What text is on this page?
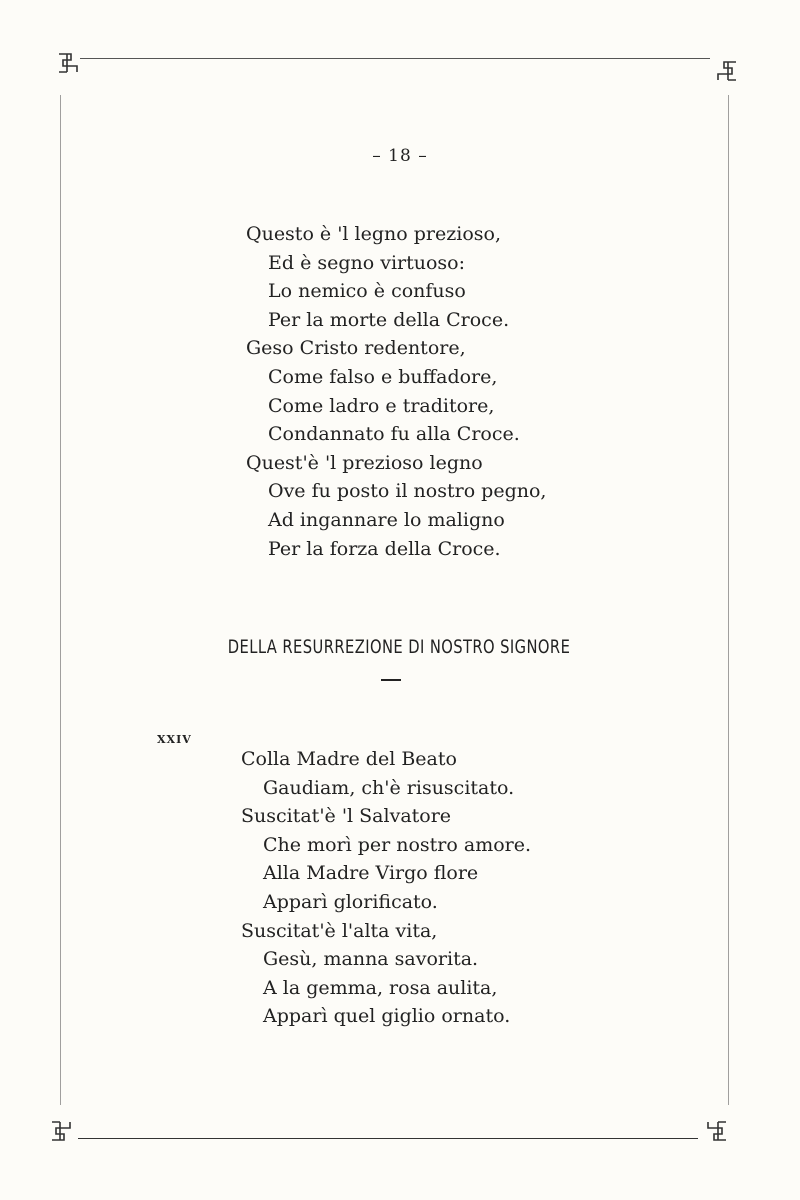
– 18 –
Questo è 'l legno prezioso,
Ed è segno virtuoso:
Lo nemico è confuso
Per la morte della Croce.
Geso Cristo redentore,
Come falso e buffadore,
Come ladro e traditore,
Condannato fu alla Croce.
Quest'è 'l prezioso legno
Ove fu posto il nostro pegno,
Ad ingannare lo maligno
Per la forza della Croce.
DELLA RESURREZIONE DI NOSTRO SIGNORE
XXIV
Colla Madre del Beato
Gaudiam, ch'è risuscitato.
Suscitat'è 'l Salvatore
Che morì per nostro amore.
Alla Madre Virgo flore
Apparì glorificato.
Suscitat'è l'alta vita,
Gesù, manna savorita.
A la gemma, rosa aulita,
Apparì quel giglio ornato.
